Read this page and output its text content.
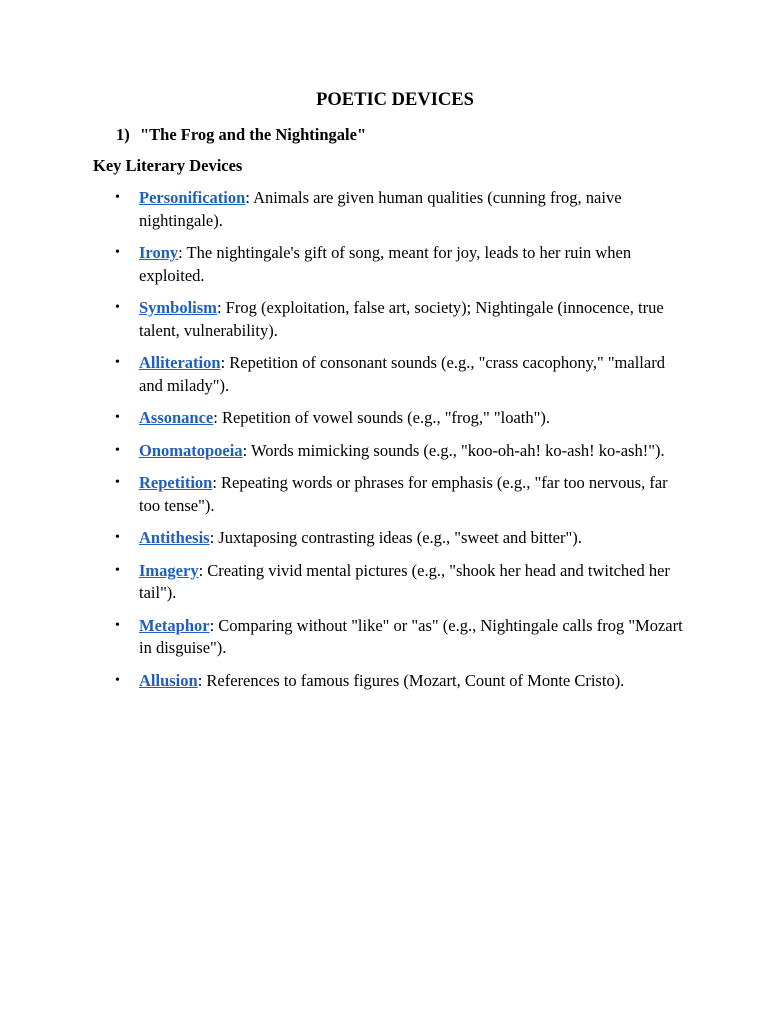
POETIC DEVICES
1) "The Frog and the Nightingale"
Key Literary Devices
• Personification: Animals are given human qualities (cunning frog, naive nightingale).
• Irony: The nightingale's gift of song, meant for joy, leads to her ruin when exploited.
• Symbolism: Frog (exploitation, false art, society); Nightingale (innocence, true talent, vulnerability).
• Alliteration: Repetition of consonant sounds (e.g., "crass cacophony," "mallard and milady").
• Assonance: Repetition of vowel sounds (e.g., "frog," "loath").
• Onomatopoeia: Words mimicking sounds (e.g., "koo-oh-ah! ko-ash! ko-ash!").
• Repetition: Repeating words or phrases for emphasis (e.g., "far too nervous, far too tense").
• Antithesis: Juxtaposing contrasting ideas (e.g., "sweet and bitter").
• Imagery: Creating vivid mental pictures (e.g., "shook her head and twitched her tail").
• Metaphor: Comparing without "like" or "as" (e.g., Nightingale calls frog "Mozart in disguise").
• Allusion: References to famous figures (Mozart, Count of Monte Cristo).
